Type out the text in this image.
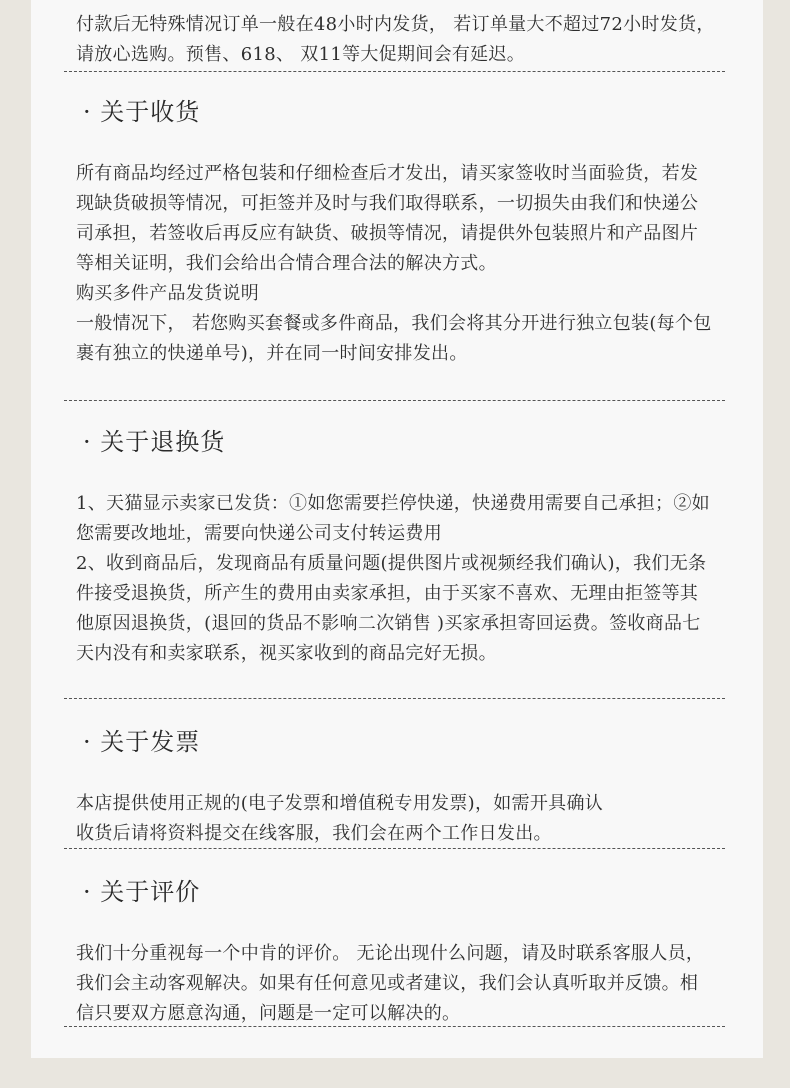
付款后无特殊情况订单一般在48小时内发货， 若订单量大不超过72小时发货，请放心选购。预售、618、 双11等大促期间会有延迟。
· 关于收货
所有商品均经过严格包装和仔细检查后才发出，请买家签收时当面验货，若发现缺货破损等情况，可拒签并及时与我们取得联系，一切损失由我们和快递公司承担，若签收后再反应有缺货、破损等情况，请提供外包装照片和产品图片等相关证明，我们会给出合情合理合法的解决方式。
购买多件产品发货说明
一般情况下， 若您购买套餐或多件商品，我们会将其分开进行独立包装(每个包裹有独立的快递单号)，并在同一时间安排发出。
· 关于退换货
1、天猫显示卖家已发货：①如您需要拦停快递，快递费用需要自己承担；②如您需要改地址，需要向快递公司支付转运费用
2、收到商品后，发现商品有质量问题(提供图片或视频经我们确认)，我们无条件接受退换货，所产生的费用由卖家承担，由于买家不喜欢、无理由拒签等其他原因退换货，(退回的货品不影响二次销售 )买家承担寄回运费。签收商品七天内没有和卖家联系，视买家收到的商品完好无损。
· 关于发票
本店提供使用正规的(电子发票和增值税专用发票)，如需开具确认
收货后请将资料提交在线客服，我们会在两个工作日发出。
· 关于评价
我们十分重视每一个中肯的评价。 无论出现什么问题，请及时联系客服人员，我们会主动客观解决。如果有任何意见或者建议，我们会认真听取并反馈。相信只要双方愿意沟通，问题是一定可以解决的。
